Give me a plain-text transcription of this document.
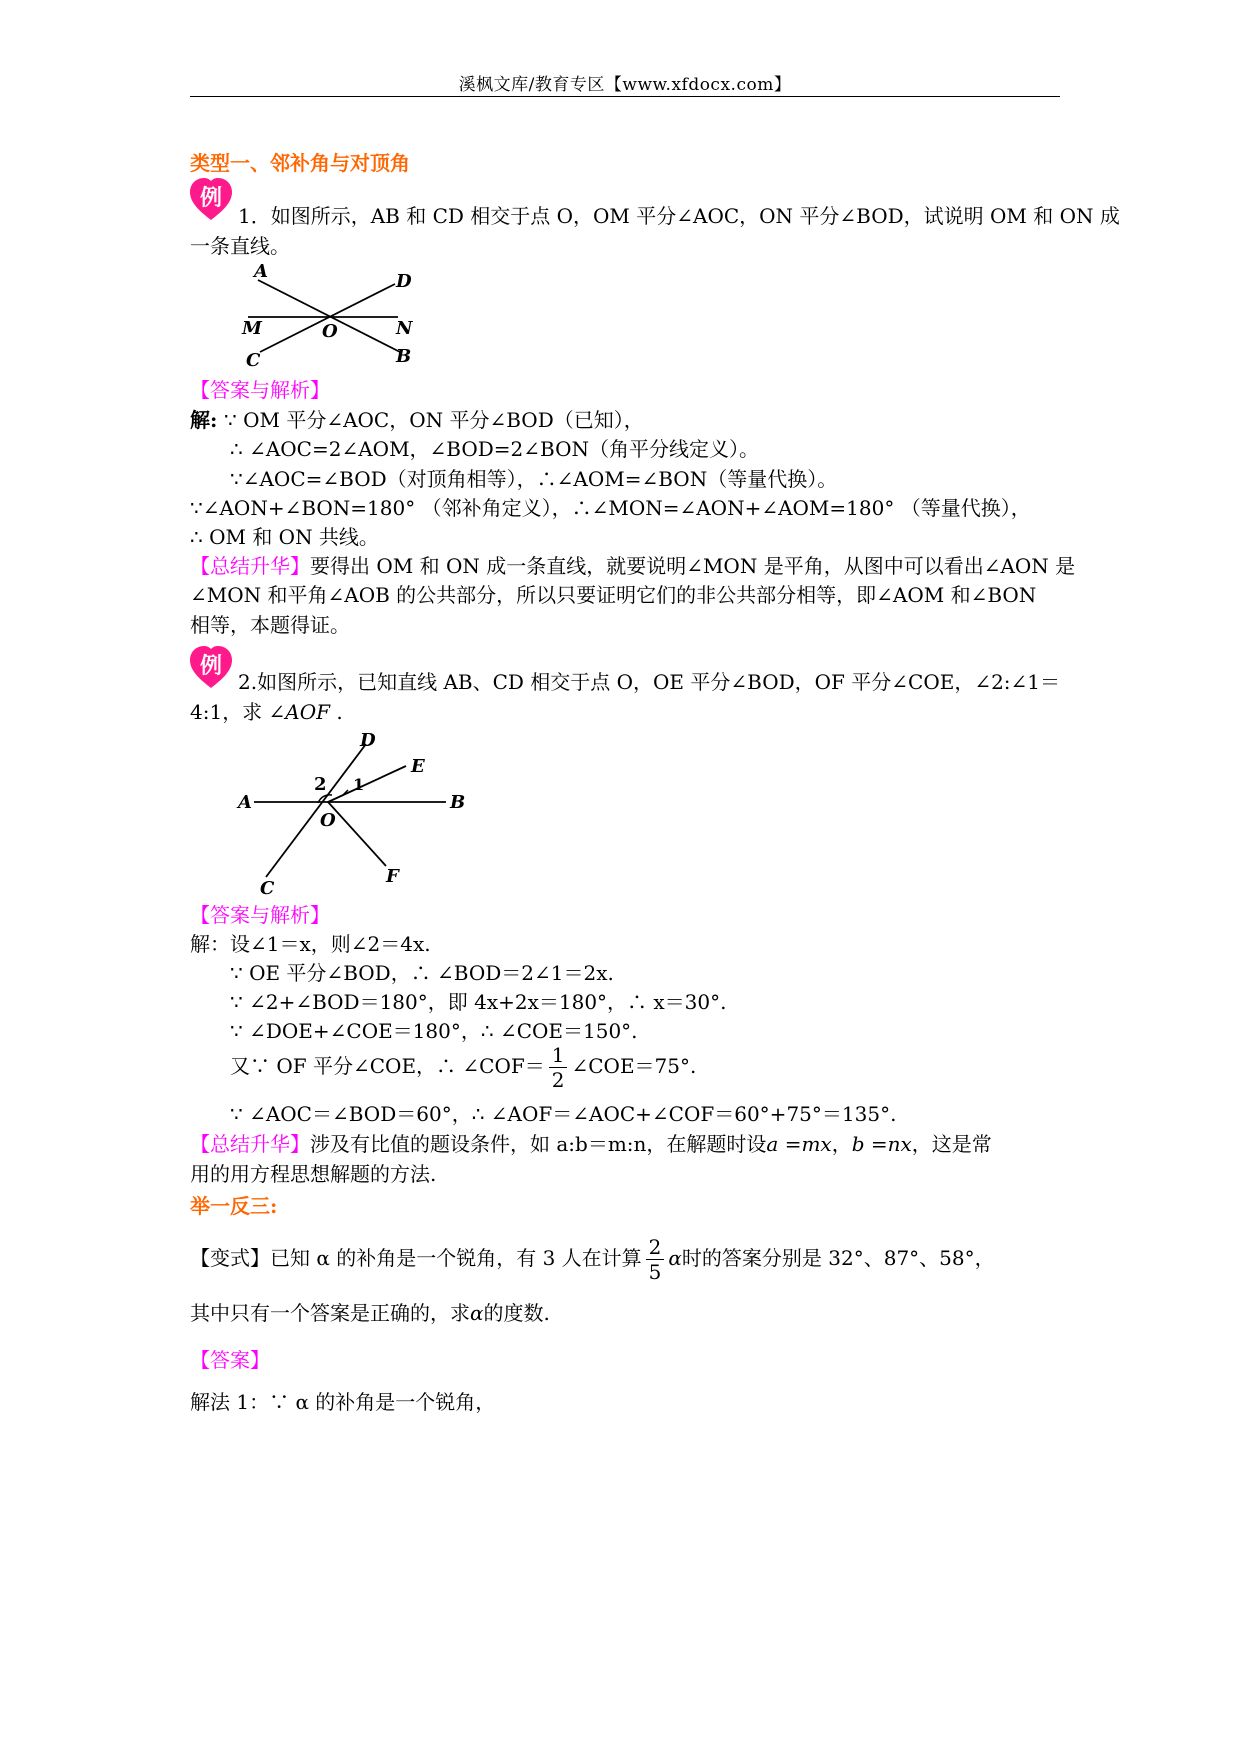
溪枫文库/教育专区【www.xfdocx.com】
类型一、邻补角与对顶角
例
1．如图所示，AB 和 CD 相交于点 O，OM 平分∠AOC，ON 平分∠BOD，试说明 OM 和 ON 成
一条直线。
A	D
M	O	N
C	B
【答案与解析】
解: ∵ OM 平分∠AOC，ON 平分∠BOD（已知），
∴ ∠AOC=2∠AOM，∠BOD=2∠BON（角平分线定义）。
∵∠AOC=∠BOD（对顶角相等），∴∠AOM=∠BON（等量代换）。
∵∠AON+∠BON=180° （邻补角定义），∴∠MON=∠AON+∠AOM=180° （等量代换），
∴ OM 和 ON 共线。
【总结升华】要得出 OM 和 ON 成一条直线，就要说明∠MON 是平角，从图中可以看出∠AON 是
∠MON 和平角∠AOB 的公共部分，所以只要证明它们的非公共部分相等，即∠AOM 和∠BON
相等，本题得证。
例
2.如图所示，已知直线 AB、CD 相交于点 O，OE 平分∠BOD，OF 平分∠COE，∠2:∠1＝
4:1，求 ∠AOF .
D
E
2 1
A
O
B
C
F
【答案与解析】
解：设∠1＝x，则∠2＝4x.
∵ OE 平分∠BOD，∴ ∠BOD＝2∠1＝2x.
∵ ∠2+∠BOD＝180°，即 4x+2x＝180°，∴ x＝30°.
∵ ∠DOE+∠COE＝180°，∴ ∠COE＝150°.
又∵ OF 平分∠COE，∴ ∠COF＝ $\frac{1}{2}$ ∠COE＝75°.
∵ ∠AOC＝∠BOD＝60°，∴ ∠AOF＝∠AOC+∠COF＝60°+75°＝135°.
【总结升华】涉及有比值的题设条件，如 a:b＝m:n，在解题时设a =mx，b =nx，这是常
用的用方程思想解题的方法.
举一反三:
【变式】已知 α 的补角是一个锐角，有 3 人在计算 $\frac{2}{5}$ α时的答案分别是 32°、87°、58°，
其中只有一个答案是正确的，求α的度数.
【答案】
解法 1：∵ α 的补角是一个锐角，
